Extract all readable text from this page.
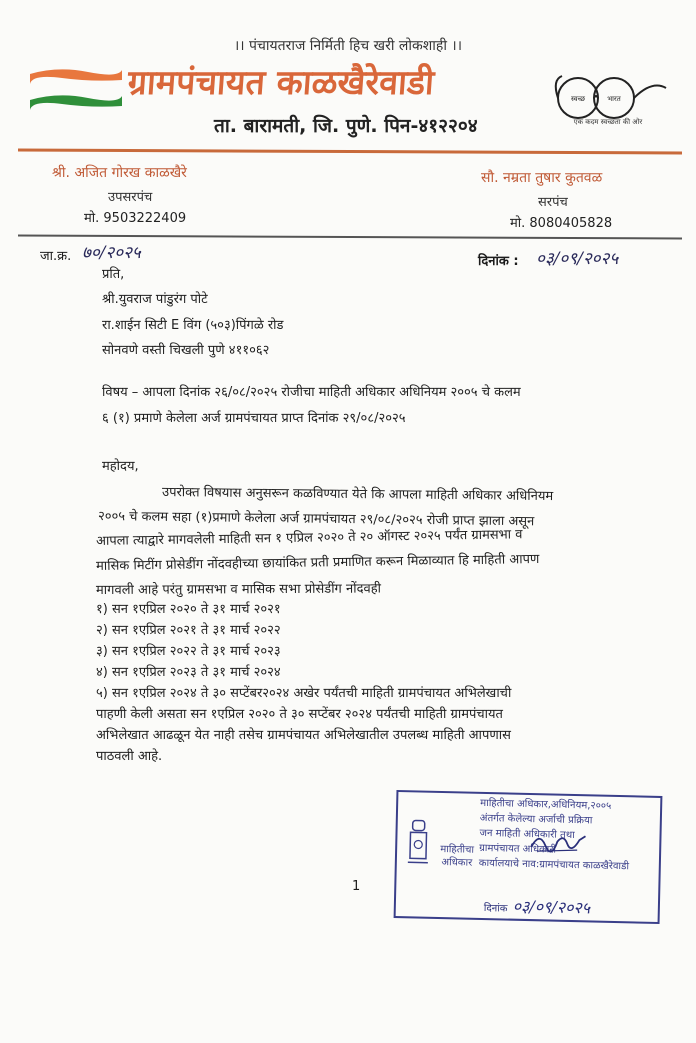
।। पंचायतराज निर्मिती हिच खरी लोकशाही ।।
ग्रामपंचायत काळखैरेवाडी
ता. बारामती, जि. पुणे. पिन-४१२२०४
स्वच्छ	भारत
एक कदम स्वच्छता की ओर
श्री. अजित गोरख काळखैरे
उपसरपंच
मो. 9503222409
सौ. नम्रता तुषार कुतवळ
सरपंच
मो. 8080405828
जा.क्र. ७०/२०२५	दिनांक : ०३/०९/२०२५
प्रति,
श्री.युवराज पांडुरंग पोटे
रा.शाईन सिटी E विंग (५०३)पिंगळे रोड
सोनवणे वस्ती चिखली पुणे ४११०६२
विषय – आपला दिनांक २६/०८/२०२५ रोजीचा माहिती अधिकार अधिनियम २००५ चे कलम
६ (१) प्रमाणे केलेला अर्ज ग्रामपंचायत प्राप्त दिनांक २९/०८/२०२५
महोदय,
उपरोक्त विषयास अनुसरून कळविण्यात येते कि आपला माहिती अधिकार अधिनियम
२००५ चे कलम सहा (१)प्रमाणे केलेला अर्ज ग्रामपंचायत २९/०८/२०२५ रोजी प्राप्त झाला असून
आपला त्याद्वारे मागवलेली माहिती सन १ एप्रिल २०२० ते २० ऑगस्ट २०२५ पर्यंत ग्रामसभा व
मासिक मिटींग प्रोसेडींग नोंदवहीच्या छायांकित प्रती प्रमाणित करून मिळाव्यात हि माहिती आपण
मागवली आहे परंतु ग्रामसभा व मासिक सभा प्रोसेडींग नोंदवही
१) सन १एप्रिल २०२० ते ३१ मार्च २०२१
२) सन १एप्रिल २०२१ ते ३१ मार्च २०२२
३) सन १एप्रिल २०२२ ते ३१ मार्च २०२३
४) सन १एप्रिल २०२३ ते ३१ मार्च २०२४
५) सन १एप्रिल २०२४ ते ३० सप्टेंबर२०२४ अखेर पर्यंतची माहिती ग्रामपंचायत अभिलेखाची
पाहणी केली असता सन १एप्रिल २०२० ते ३० सप्टेंबर २०२४ पर्यंतची माहिती ग्रामपंचायत
अभिलेखात आढळून येत नाही तसेच ग्रामपंचायत अभिलेखातील उपलब्ध माहिती आपणास
पाठवली आहे.
माहितीचा
अधिकार
माहितीचा अधिकार,अधिनियम,२००५
अंतर्गत केलेल्या अर्जाची प्रक्रिया
जन माहिती अधिकारी तथा
ग्रामपंचायत अधिकारी
कार्यालयाचे नाव:ग्रामपंचायत काळखैरेवाडी
दिनांक ०३/०९/२०२५
1
